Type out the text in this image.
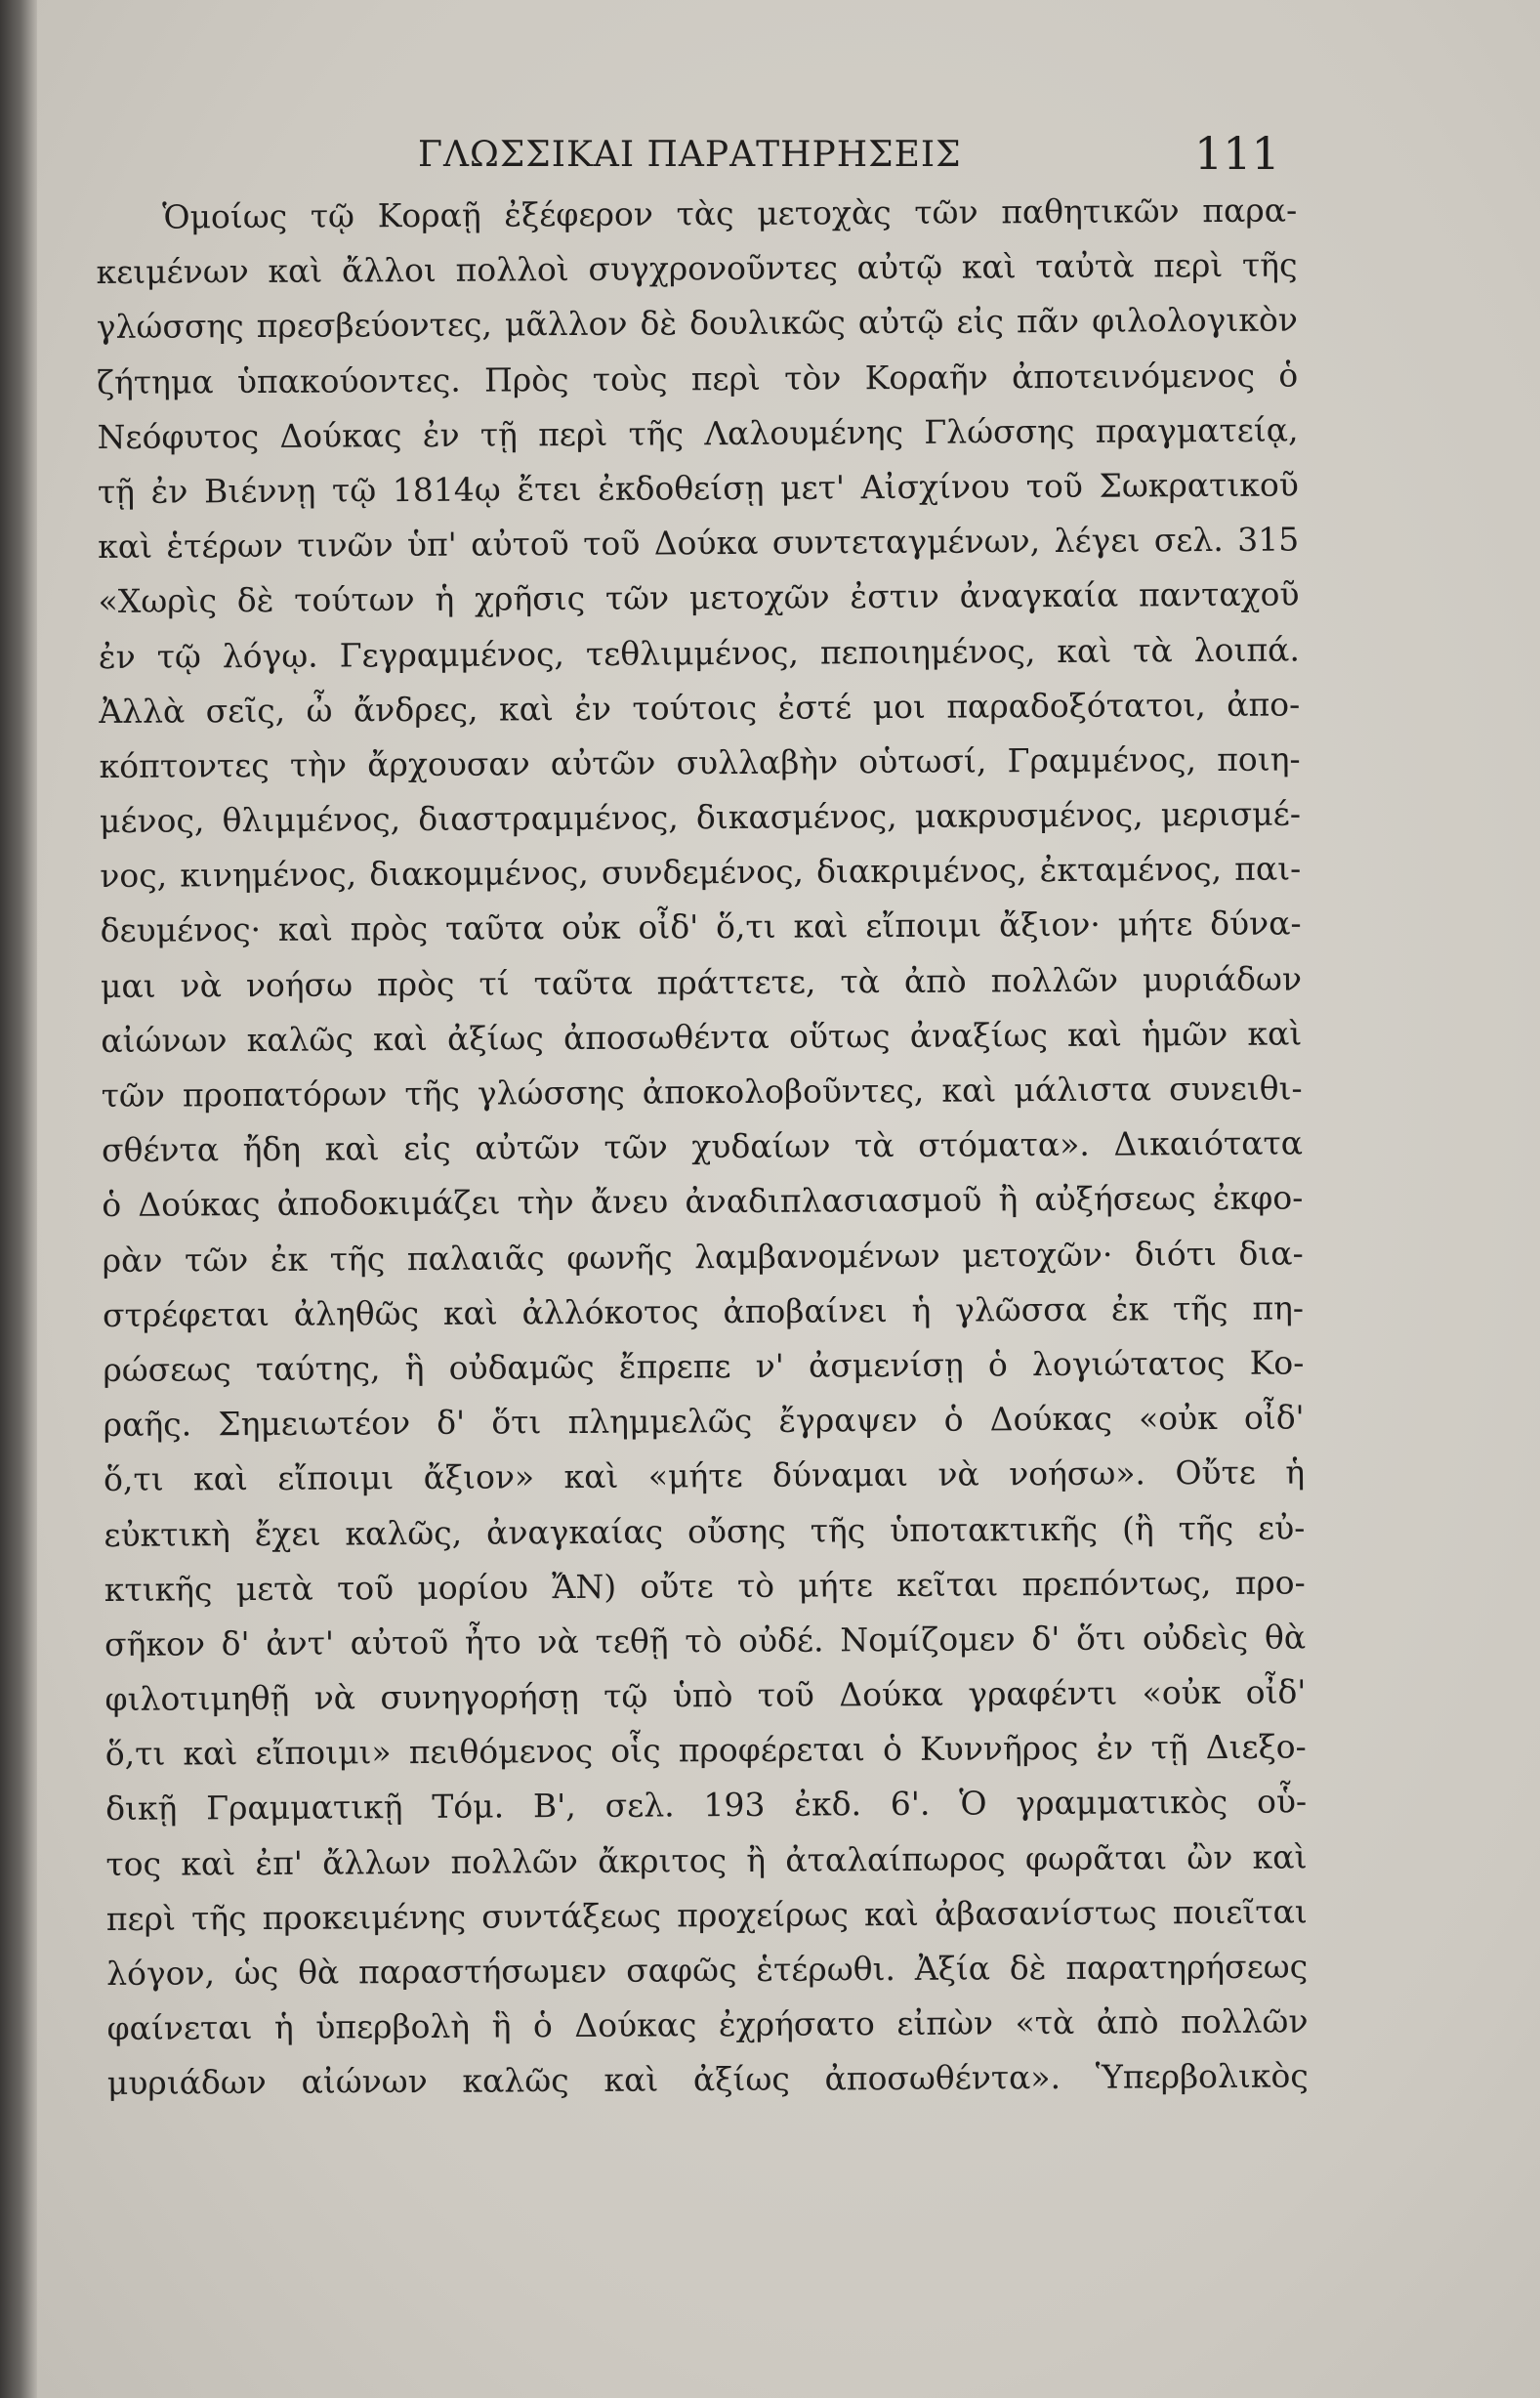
ΓΛΩΣΣΙΚΑΙ ΠΑΡΑΤΗΡΗΣΕΙΣ	111
Ὁμοίως τῷ Κοραῇ ἐξέφερον τὰς μετοχὰς τῶν παθητικῶν παρα-
κειμένων καὶ ἄλλοι πολλοὶ συγχρονοῦντες αὐτῷ καὶ ταὐτὰ περὶ τῆς
γλώσσης πρεσβεύοντες, μᾶλλον δὲ δουλικῶς αὐτῷ εἰς πᾶν φιλολογικὸν
ζήτημα ὑπακούοντες. Πρὸς τοὺς περὶ τὸν Κοραῆν ἀποτεινόμενος ὁ
Νεόφυτος Δούκας ἐν τῇ περὶ τῆς Λαλουμένης Γλώσσης πραγματείᾳ,
τῇ ἐν Βιέννῃ τῷ 1814ῳ ἔτει ἐκδοθείσῃ μετ' Αἰσχίνου τοῦ Σωκρατικοῦ
καὶ ἑτέρων τινῶν ὑπ' αὐτοῦ τοῦ Δούκα συντεταγμένων, λέγει σελ. 315
«Χωρὶς δὲ τούτων ἡ χρῆσις τῶν μετοχῶν ἐστιν ἀναγκαία πανταχοῦ
ἐν τῷ λόγῳ. Γεγραμμένος, τεθλιμμένος, πεποιημένος, καὶ τὰ λοιπά.
Ἀλλὰ σεῖς, ὦ ἄνδρες, καὶ ἐν τούτοις ἐστέ μοι παραδοξότατοι, ἀπο-
κόπτοντες τὴν ἄρχουσαν αὐτῶν συλλαβὴν οὑτωσί, Γραμμένος, ποιη-
μένος, θλιμμένος, διαστραμμένος, δικασμένος, μακρυσμένος, μερισμέ-
νος, κινημένος, διακομμένος, συνδεμένος, διακριμένος, ἐκταμένος, παι-
δευμένος· καὶ πρὸς ταῦτα οὐκ οἶδ' ὅ,τι καὶ εἴποιμι ἄξιον· μήτε δύνα-
μαι νὰ νοήσω πρὸς τί ταῦτα πράττετε, τὰ ἀπὸ πολλῶν μυριάδων
αἰώνων καλῶς καὶ ἀξίως ἀποσωθέντα οὕτως ἀναξίως καὶ ἡμῶν καὶ
τῶν προπατόρων τῆς γλώσσης ἀποκολοβοῦντες, καὶ μάλιστα συνειθι-
σθέντα ἤδη καὶ εἰς αὐτῶν τῶν χυδαίων τὰ στόματα». Δικαιότατα
ὁ Δούκας ἀποδοκιμάζει τὴν ἄνευ ἀναδιπλασιασμοῦ ἢ αὐξήσεως ἐκφο-
ρὰν τῶν ἐκ τῆς παλαιᾶς φωνῆς λαμβανομένων μετοχῶν· διότι δια-
στρέφεται ἀληθῶς καὶ ἀλλόκοτος ἀποβαίνει ἡ γλῶσσα ἐκ τῆς πη-
ρώσεως ταύτης, ἣ οὐδαμῶς ἔπρεπε ν' ἀσμενίσῃ ὁ λογιώτατος Κο-
ραῆς. Σημειωτέον δ' ὅτι πλημμελῶς ἔγραψεν ὁ Δούκας «οὐκ οἶδ'
ὅ,τι καὶ εἴποιμι ἄξιον» καὶ «μήτε δύναμαι νὰ νοήσω». Οὔτε ἡ
εὐκτικὴ ἔχει καλῶς, ἀναγκαίας οὔσης τῆς ὑποτακτικῆς (ἢ τῆς εὐ-
κτικῆς μετὰ τοῦ μορίου ἌΝ) οὔτε τὸ μήτε κεῖται πρεπόντως, προ-
σῆκον δ' ἀντ' αὐτοῦ ἦτο νὰ τεθῇ τὸ οὐδέ. Νομίζομεν δ' ὅτι οὐδεὶς θὰ
φιλοτιμηθῇ νὰ συνηγορήσῃ τῷ ὑπὸ τοῦ Δούκα γραφέντι «οὐκ οἶδ'
ὅ,τι καὶ εἴποιμι» πειθόμενος οἷς προφέρεται ὁ Κυννῆρος ἐν τῇ Διεξο-
δικῇ Γραμματικῇ Τόμ. Β', σελ. 193 ἐκδ. 6'. Ὁ γραμματικὸς οὗ-
τος καὶ ἐπ' ἄλλων πολλῶν ἄκριτος ἢ ἀταλαίπωρος φωρᾶται ὢν καὶ
περὶ τῆς προκειμένης συντάξεως προχείρως καὶ ἀβασανίστως ποιεῖται
λόγον, ὡς θὰ παραστήσωμεν σαφῶς ἑτέρωθι. Ἀξία δὲ παρατηρήσεως
φαίνεται ἡ ὑπερβολὴ ἣ ὁ Δούκας ἐχρήσατο εἰπὼν «τὰ ἀπὸ πολλῶν
μυριάδων αἰώνων καλῶς καὶ ἀξίως ἀποσωθέντα». Ὑπερβολικὸς
